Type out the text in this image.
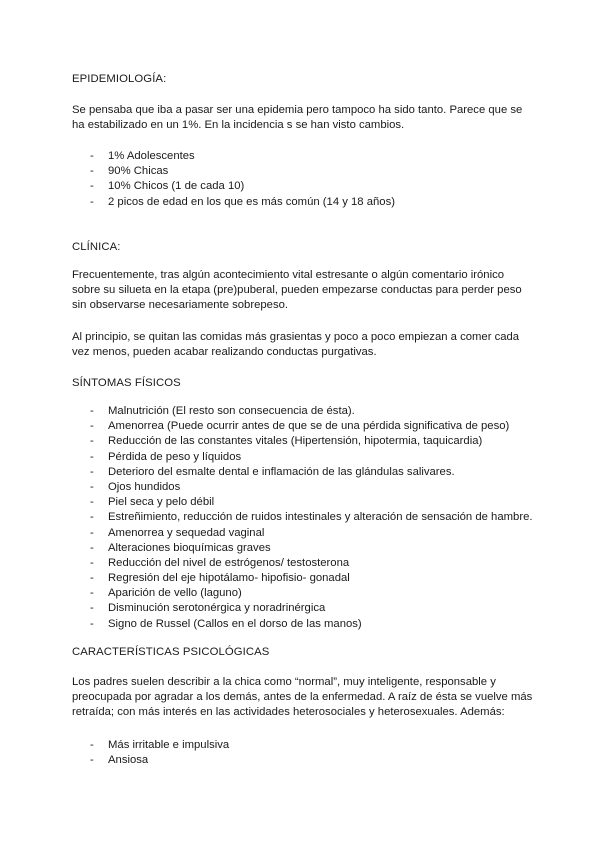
EPIDEMIOLOGÍA:

Se pensaba que iba a pasar ser una epidemia pero tampoco ha sido tanto. Parece que se ha estabilizado en un 1%. En la incidencia s se han visto cambios.

- 1% Adolescentes
- 90% Chicas
- 10% Chicos (1 de cada 10)
- 2 picos de edad en los que es más común (14 y 18 años)

CLÍNICA:

Frecuentemente, tras algún acontecimiento vital estresante o algún comentario irónico sobre su silueta en la etapa (pre)puberal, pueden empezarse conductas para perder peso sin observarse necesariamente sobrepeso.

Al principio, se quitan las comidas más grasientas y poco a poco empiezan a comer cada vez menos, pueden acabar realizando conductas purgativas.

SÍNTOMAS FÍSICOS

- Malnutrición (El resto son consecuencia de ésta).
- Amenorrea (Puede ocurrir antes de que se de una pérdida significativa de peso)
- Reducción de las constantes vitales (Hipertensión, hipotermia, taquicardia)
- Pérdida de peso y líquidos
- Deterioro del esmalte dental e inflamación de las glándulas salivares.
- Ojos hundidos
- Piel seca y pelo débil
- Estreñimiento, reducción de ruidos intestinales y alteración de sensación de hambre.
- Amenorrea y sequedad vaginal
- Alteraciones bioquímicas graves
- Reducción del nivel de estrógenos/ testosterona
- Regresión del eje hipotálamo- hipofisio- gonadal
- Aparición de vello (laguno)
- Disminución serotonérgica y noradrinérgica
- Signo de Russel (Callos en el dorso de las manos)

CARACTERÍSTICAS PSICOLÓGICAS

Los padres suelen describir a la chica como “normal”, muy inteligente, responsable y preocupada por agradar a los demás, antes de la enfermedad. A raíz de ésta se vuelve más retraída; con más interés en las actividades heterosociales y heterosexuales. Además:

- Más irritable e impulsiva
- Ansiosa
